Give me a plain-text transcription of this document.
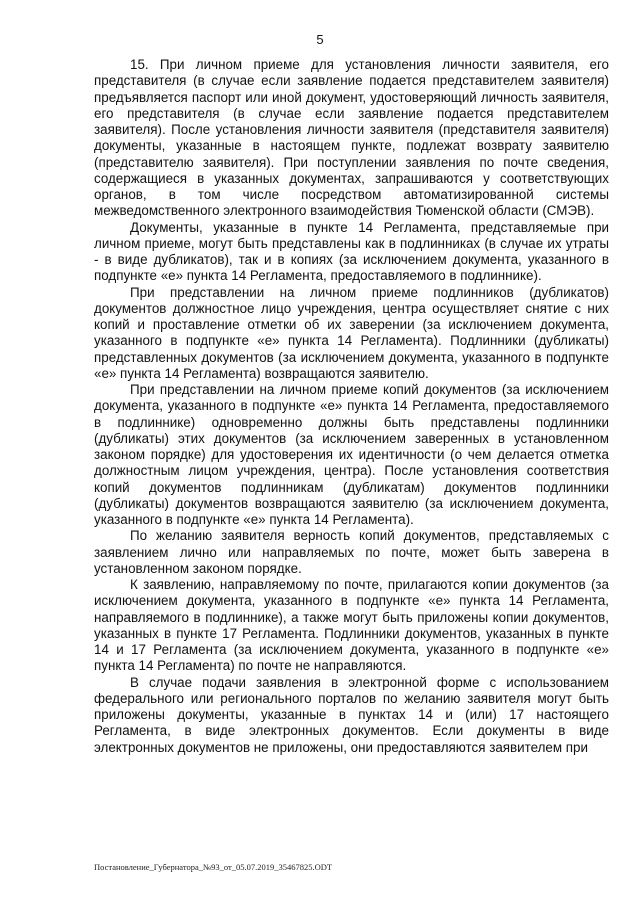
5

15. При личном приеме для установления личности заявителя, его представителя (в случае если заявление подается представителем заявителя) предъявляется паспорт или иной документ, удостоверяющий личность заявителя, его представителя (в случае если заявление подается представителем заявителя). После установления личности заявителя (представителя заявителя) документы, указанные в настоящем пункте, подлежат возврату заявителю (представителю заявителя). При поступлении заявления по почте сведения, содержащиеся в указанных документах, запрашиваются у соответствующих органов, в том числе посредством автоматизированной системы межведомственного электронного взаимодействия Тюменской области (СМЭВ).

Документы, указанные в пункте 14 Регламента, представляемые при личном приеме, могут быть представлены как в подлинниках (в случае их утраты - в виде дубликатов), так и в копиях (за исключением документа, указанного в подпункте «е» пункта 14 Регламента, предоставляемого в подлиннике).

При представлении на личном приеме подлинников (дубликатов) документов должностное лицо учреждения, центра осуществляет снятие с них копий и проставление отметки об их заверении (за исключением документа, указанного в подпункте «е» пункта 14 Регламента). Подлинники (дубликаты) представленных документов (за исключением документа, указанного в подпункте «е» пункта 14 Регламента) возвращаются заявителю.

При представлении на личном приеме копий документов (за исключением документа, указанного в подпункте «е» пункта 14 Регламента, предоставляемого в подлиннике) одновременно должны быть представлены подлинники (дубликаты) этих документов (за исключением заверенных в установленном законом порядке) для удостоверения их идентичности (о чем делается отметка должностным лицом учреждения, центра). После установления соответствия копий документов подлинникам (дубликатам) документов подлинники (дубликаты) документов возвращаются заявителю (за исключением документа, указанного в подпункте «е» пункта 14 Регламента).

По желанию заявителя верность копий документов, представляемых с заявлением лично или направляемых по почте, может быть заверена в установленном законом порядке.

К заявлению, направляемому по почте, прилагаются копии документов (за исключением документа, указанного в подпункте «е» пункта 14 Регламента, направляемого в подлиннике), а также могут быть приложены копии документов, указанных в пункте 17 Регламента. Подлинники документов, указанных в пункте 14 и 17 Регламента (за исключением документа, указанного в подпункте «е» пункта 14 Регламента) по почте не направляются.

В случае подачи заявления в электронной форме с использованием федерального или регионального порталов по желанию заявителя могут быть приложены документы, указанные в пунктах 14 и (или) 17 настоящего Регламента, в виде электронных документов. Если документы в виде электронных документов не приложены, они предоставляются заявителем при

Постановление_Губернатора_№93_от_05.07.2019_35467825.ODT
